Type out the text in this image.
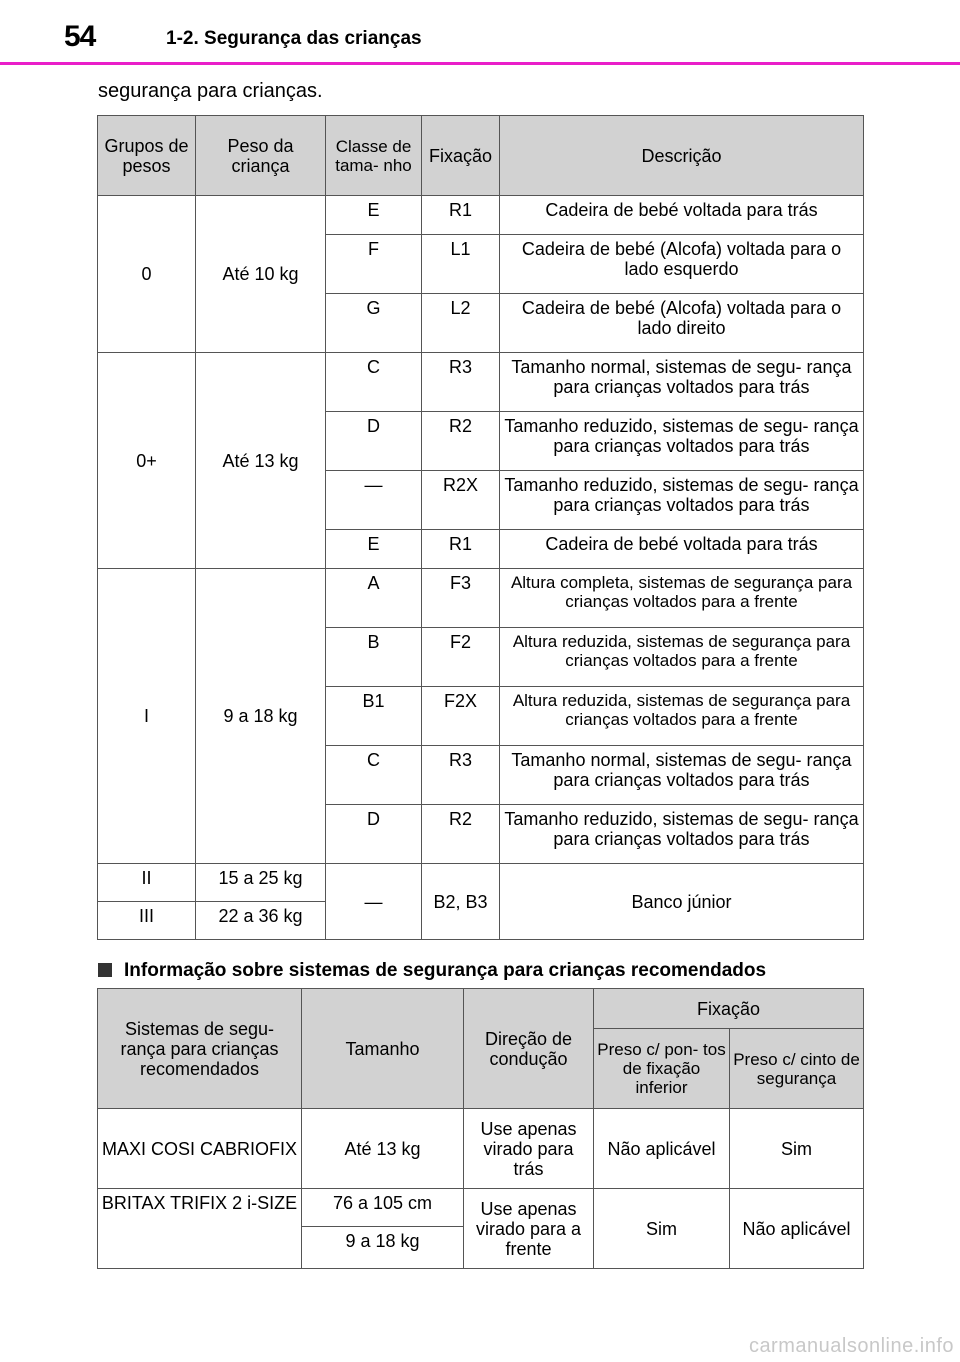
54	1-2. Segurança das crianças
segurança para crianças.
Grupos de pesos	Peso da criança	Classe de tama- nho	Fixação	Descrição
0	Até 10 kg	E	R1	Cadeira de bebé voltada para trás
		F	L1	Cadeira de bebé (Alcofa) voltada para o lado esquerdo
		G	L2	Cadeira de bebé (Alcofa) voltada para o lado direito
0+	Até 13 kg	C	R3	Tamanho normal, sistemas de segu- rança para crianças voltados para trás
		D	R2	Tamanho reduzido, sistemas de segu- rança para crianças voltados para trás
		—	R2X	Tamanho reduzido, sistemas de segu- rança para crianças voltados para trás
		E	R1	Cadeira de bebé voltada para trás
I	9 a 18 kg	A	F3	Altura completa, sistemas de segurança para crianças voltados para a frente
		B	F2	Altura reduzida, sistemas de segurança para crianças voltados para a frente
		B1	F2X	Altura reduzida, sistemas de segurança para crianças voltados para a frente
		C	R3	Tamanho normal, sistemas de segu- rança para crianças voltados para trás
		D	R2	Tamanho reduzido, sistemas de segu- rança para crianças voltados para trás
II	15 a 25 kg	—	B2, B3	Banco júnior
III	22 a 36 kg			
Informação sobre sistemas de segurança para crianças recomendados
Sistemas de segu- rança para crianças recomendados	Tamanho	Direção de condução	Fixação	
			Preso c/ pon- tos de fixação inferior	Preso c/ cinto de segurança
MAXI COSI CABRIOFIX	Até 13 kg	Use apenas virado para trás	Não aplicável	Sim
BRITAX TRIFIX 2 i-SIZE	76 a 105 cm	Use apenas virado para a frente	Sim	Não aplicável
	9 a 18 kg			
carmanualsonline.info
